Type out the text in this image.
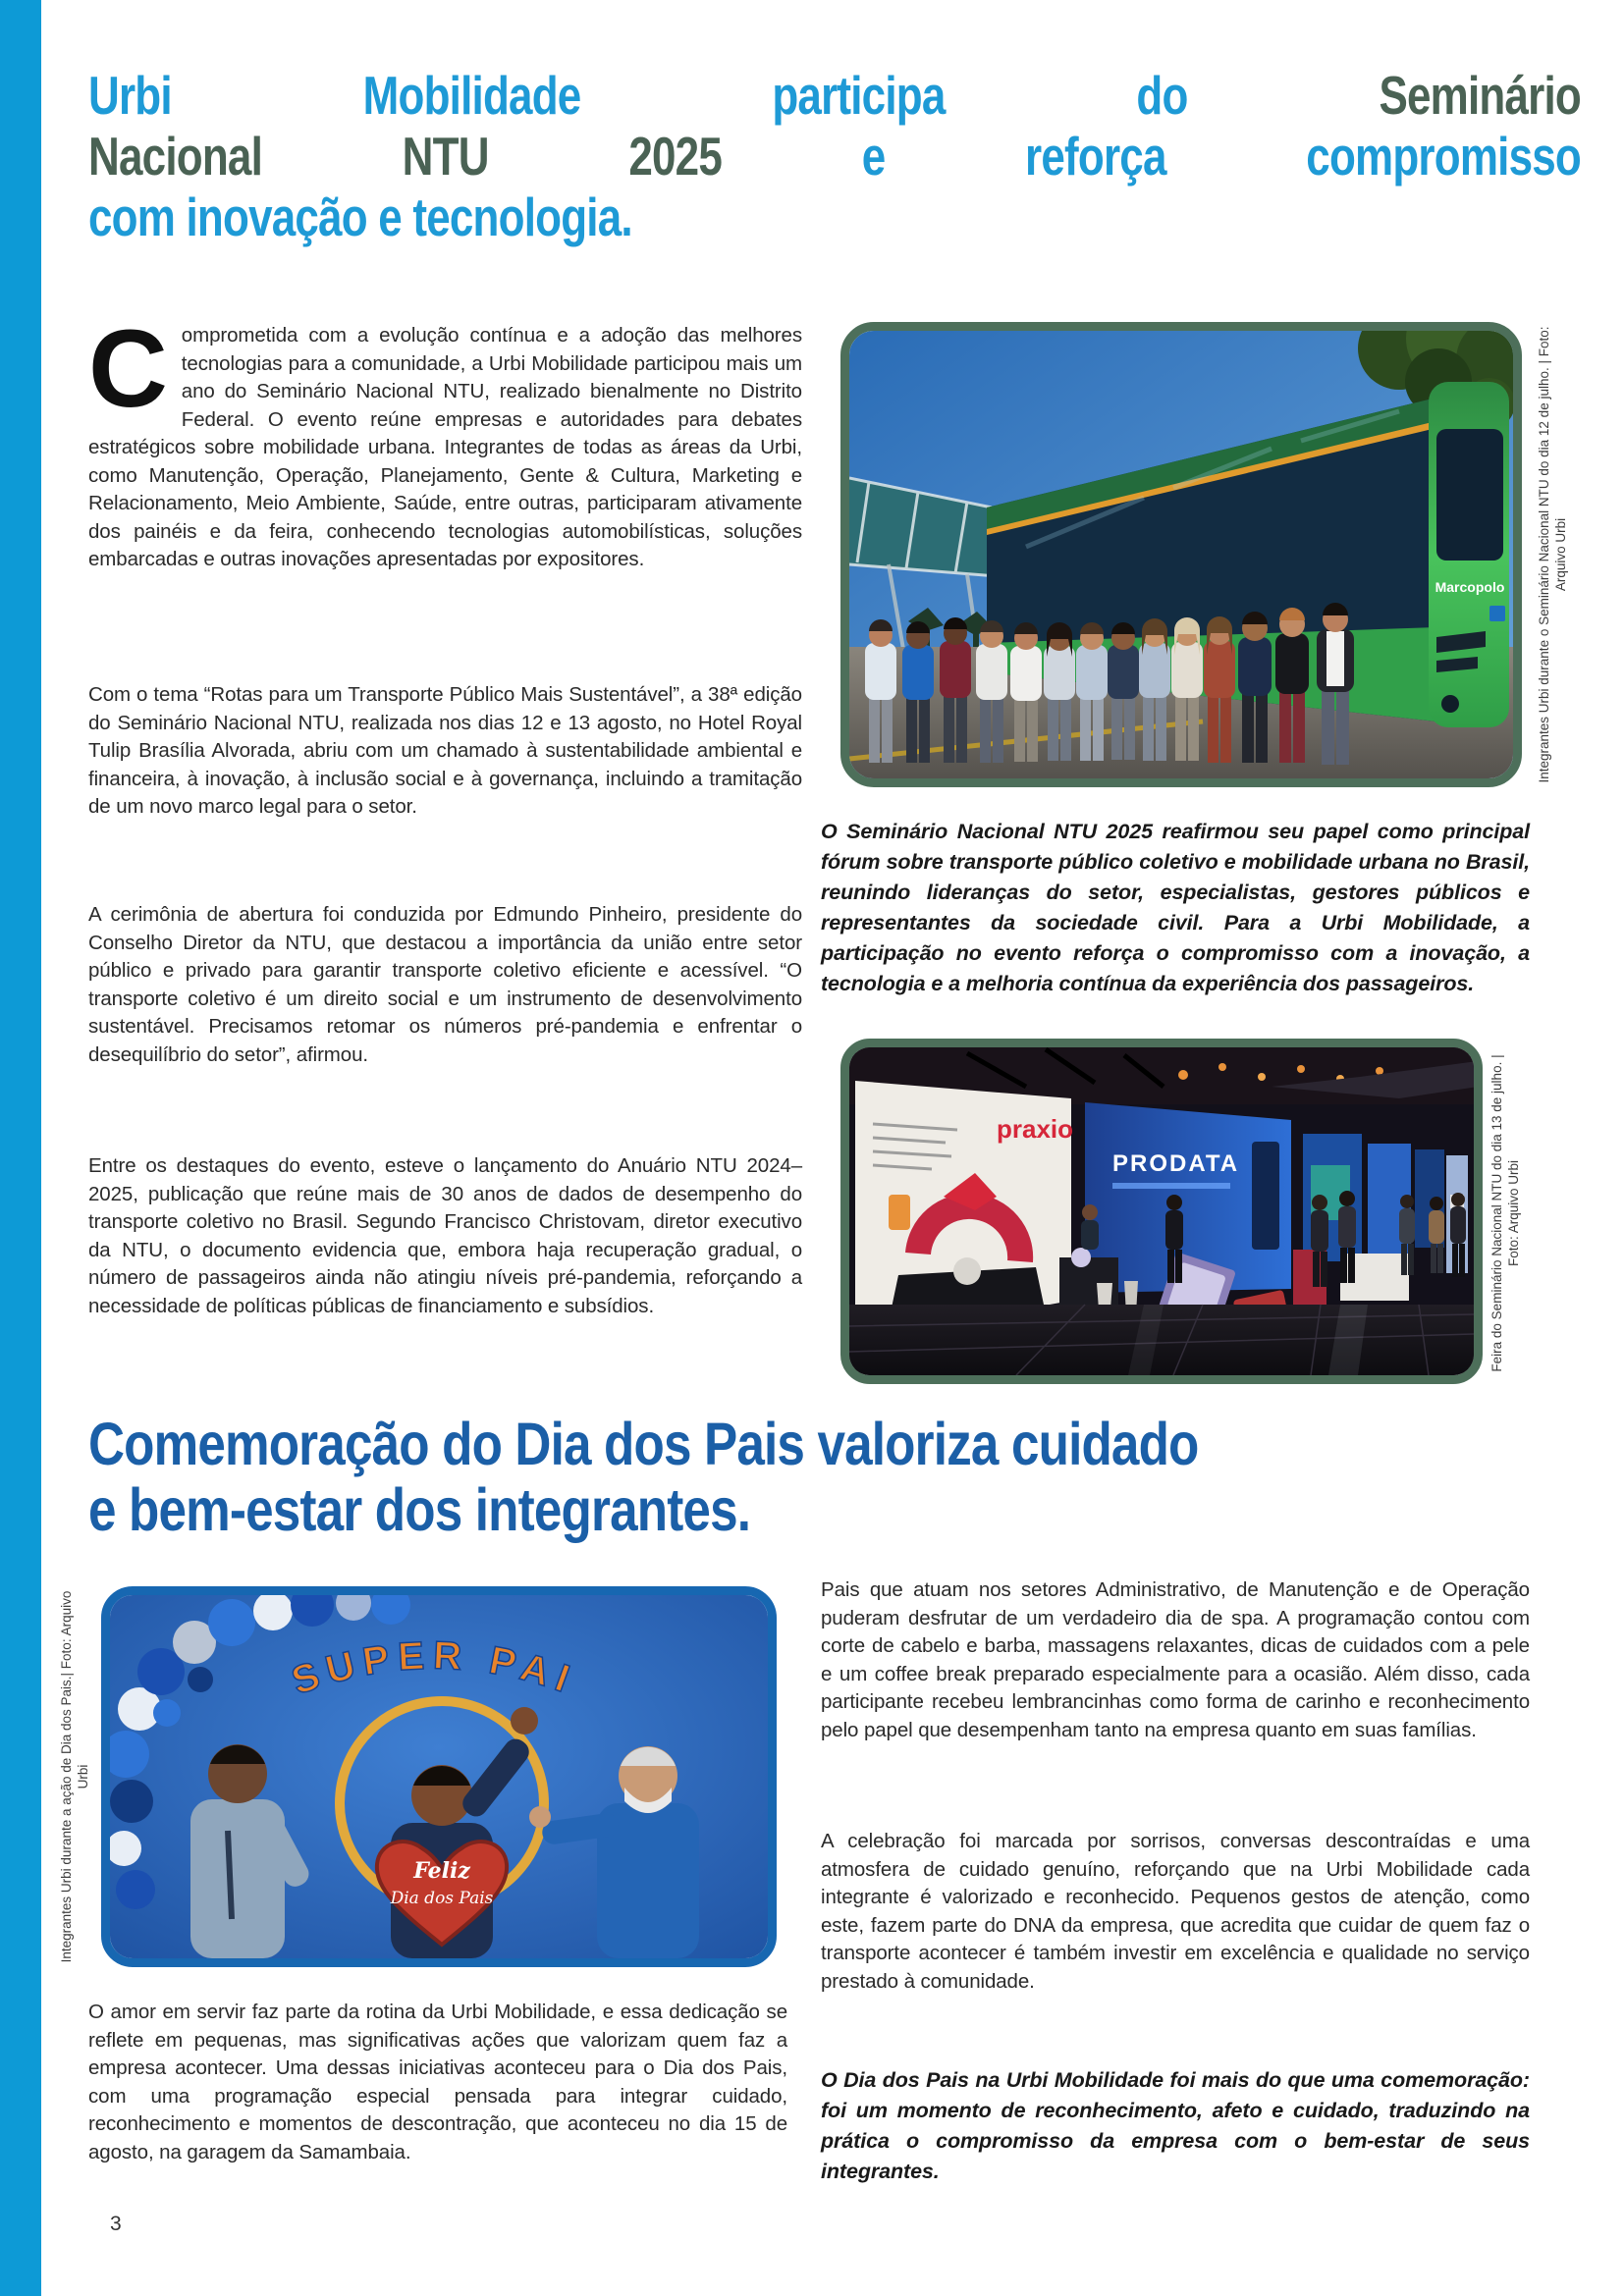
Urbi Mobilidade participa do	Seminário
Nacional NTU 2025	e reforça compromisso
com inovação e tecnologia.
Comprometida com a evolução contínua e a adoção das melhores tecnologias para a comunidade, a Urbi Mobilidade participou mais um ano do Seminário Nacional NTU, realizado bienalmente no Distrito Federal. O evento reúne empresas e autoridades para debates estratégicos sobre mobilidade urbana. Integrantes de todas as áreas da Urbi, como Manutenção, Operação, Planejamento, Gente & Cultura, Marketing e Relacionamento, Meio Ambiente, Saúde, entre outras, participaram ativamente dos painéis e da feira, conhecendo tecnologias automobilísticas, soluções embarcadas e outras inovações apresentadas por expositores.
Com o tema “Rotas para um Transporte Público Mais Sustentável”, a 38ª edição do Seminário Nacional NTU, realizada nos dias 12 e 13 agosto, no Hotel Royal Tulip Brasília Alvorada, abriu com um chamado à sustentabilidade ambiental e financeira, à inovação, à inclusão social e à governança, incluindo a tramitação de um novo marco legal para o setor.
A cerimônia de abertura foi conduzida por Edmundo Pinheiro, presidente do Conselho Diretor da NTU, que destacou a importância da união entre setor público e privado para garantir transporte coletivo eficiente e acessível. “O transporte coletivo é um direito social e um instrumento de desenvolvimento sustentável. Precisamos retomar os números pré-pandemia e enfrentar o desequilíbrio do setor”, afirmou.
Entre os destaques do evento, esteve o lançamento do Anuário NTU 2024–2025, publicação que reúne mais de 30 anos de dados de desempenho do transporte coletivo no Brasil. Segundo Francisco Christovam, diretor executivo da NTU, o documento evidencia que, embora haja recuperação gradual, o número de passageiros ainda não atingiu níveis pré-pandemia, reforçando a necessidade de políticas públicas de financiamento e subsídios.
Marcopolo Integrantes Urbi durante o Seminário Nacional NTU do dia 12 de julho. | Foto: Arquivo Urbi
O Seminário Nacional NTU 2025 reafirmou seu papel como principal fórum sobre transporte público coletivo e mobilidade urbana no Brasil, reunindo lideranças do setor, especialistas, gestores públicos e representantes da sociedade civil. Para a Urbi Mobilidade, a participação no evento reforça o compromisso com a inovação, a tecnologia e a melhoria contínua da experiência dos passageiros.
praxio
PRODATA	Feira do Seminário Nacional NTU do dia 13 de julho. | Foto: Arquivo Urbi
Comemoração do Dia dos Pais valoriza cuidado
e bem-estar dos integrantes.
SUPER PAI
Feliz
Dia dos Pais
Integrantes Urbi durante a ação de Dia dos Pais.| Foto: Arquivo Urbi
O amor em servir faz parte da rotina da Urbi Mobilidade, e essa dedicação se reflete em pequenas, mas significativas ações que valorizam quem faz a empresa acontecer. Uma dessas iniciativas aconteceu para o Dia dos Pais, com uma programação especial pensada para integrar cuidado, reconhecimento e momentos de descontração, que aconteceu no dia 15 de agosto, na garagem da Samambaia.
Pais que atuam nos setores Administrativo, de Manutenção e de Operação puderam desfrutar de um verdadeiro dia de spa. A programação contou com corte de cabelo e barba, massagens relaxantes, dicas de cuidados com a pele e um coffee break preparado especialmente para a ocasião. Além disso, cada participante recebeu lembrancinhas como forma de carinho e reconhecimento pelo papel que desempenham tanto na empresa quanto em suas famílias.
A celebração foi marcada por sorrisos, conversas descontraídas e uma atmosfera de cuidado genuíno, reforçando que na Urbi Mobilidade cada integrante é valorizado e reconhecido. Pequenos gestos de atenção, como este, fazem parte do DNA da empresa, que acredita que cuidar de quem faz o transporte acontecer é também investir em excelência e qualidade no serviço prestado à comunidade.
O Dia dos Pais na Urbi Mobilidade foi mais do que uma comemoração: foi um momento de reconhecimento, afeto e cuidado, traduzindo na prática o compromisso da empresa com o bem-estar de seus integrantes.
3
